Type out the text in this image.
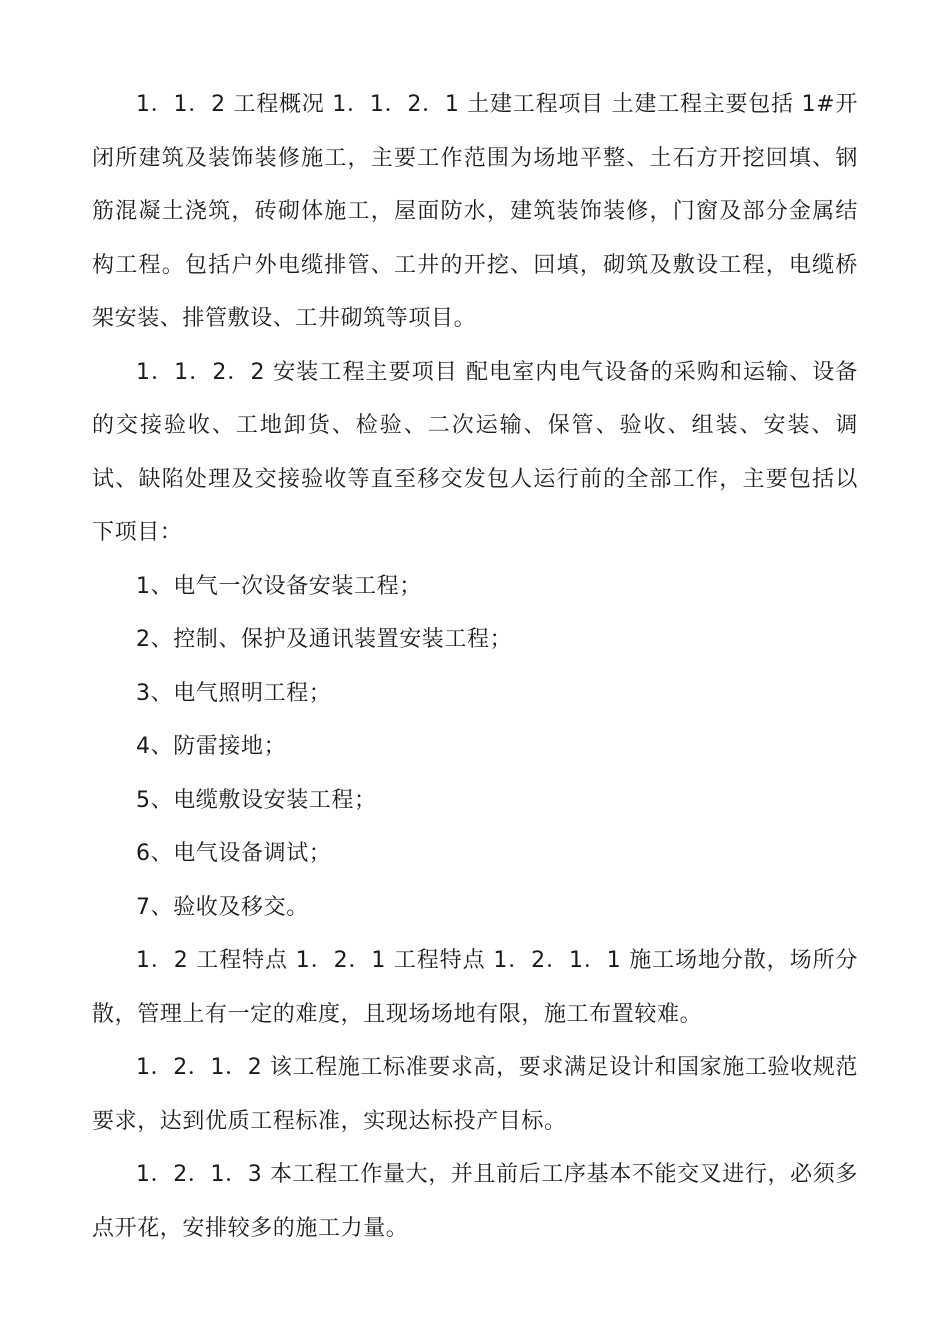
1．1．2 工程概况 1．1．2．1 土建工程项目 土建工程主要包括 1#开闭所建筑及装饰装修施工，主要工作范围为场地平整、土石方开挖回填、钢筋混凝土浇筑，砖砌体施工，屋面防水，建筑装饰装修，门窗及部分金属结构工程。包括户外电缆排管、工井的开挖、回填，砌筑及敷设工程，电缆桥架安装、排管敷设、工井砌筑等项目。

1．1．2．2 安装工程主要项目 配电室内电气设备的采购和运输、设备的交接验收、工地卸货、检验、二次运输、保管、验收、组装、安装、调试、缺陷处理及交接验收等直至移交发包人运行前的全部工作，主要包括以下项目：

1、电气一次设备安装工程；

2、控制、保护及通讯装置安装工程；

3、电气照明工程；

4、防雷接地；

5、电缆敷设安装工程；

6、电气设备调试；

7、验收及移交。

1．2 工程特点 1．2．1 工程特点 1．2．1．1 施工场地分散，场所分散，管理上有一定的难度，且现场场地有限，施工布置较难。

1．2．1．2 该工程施工标准要求高，要求满足设计和国家施工验收规范要求，达到优质工程标准，实现达标投产目标。

1．2．1．3 本工程工作量大，并且前后工序基本不能交叉进行，必须多点开花，安排较多的施工力量。
